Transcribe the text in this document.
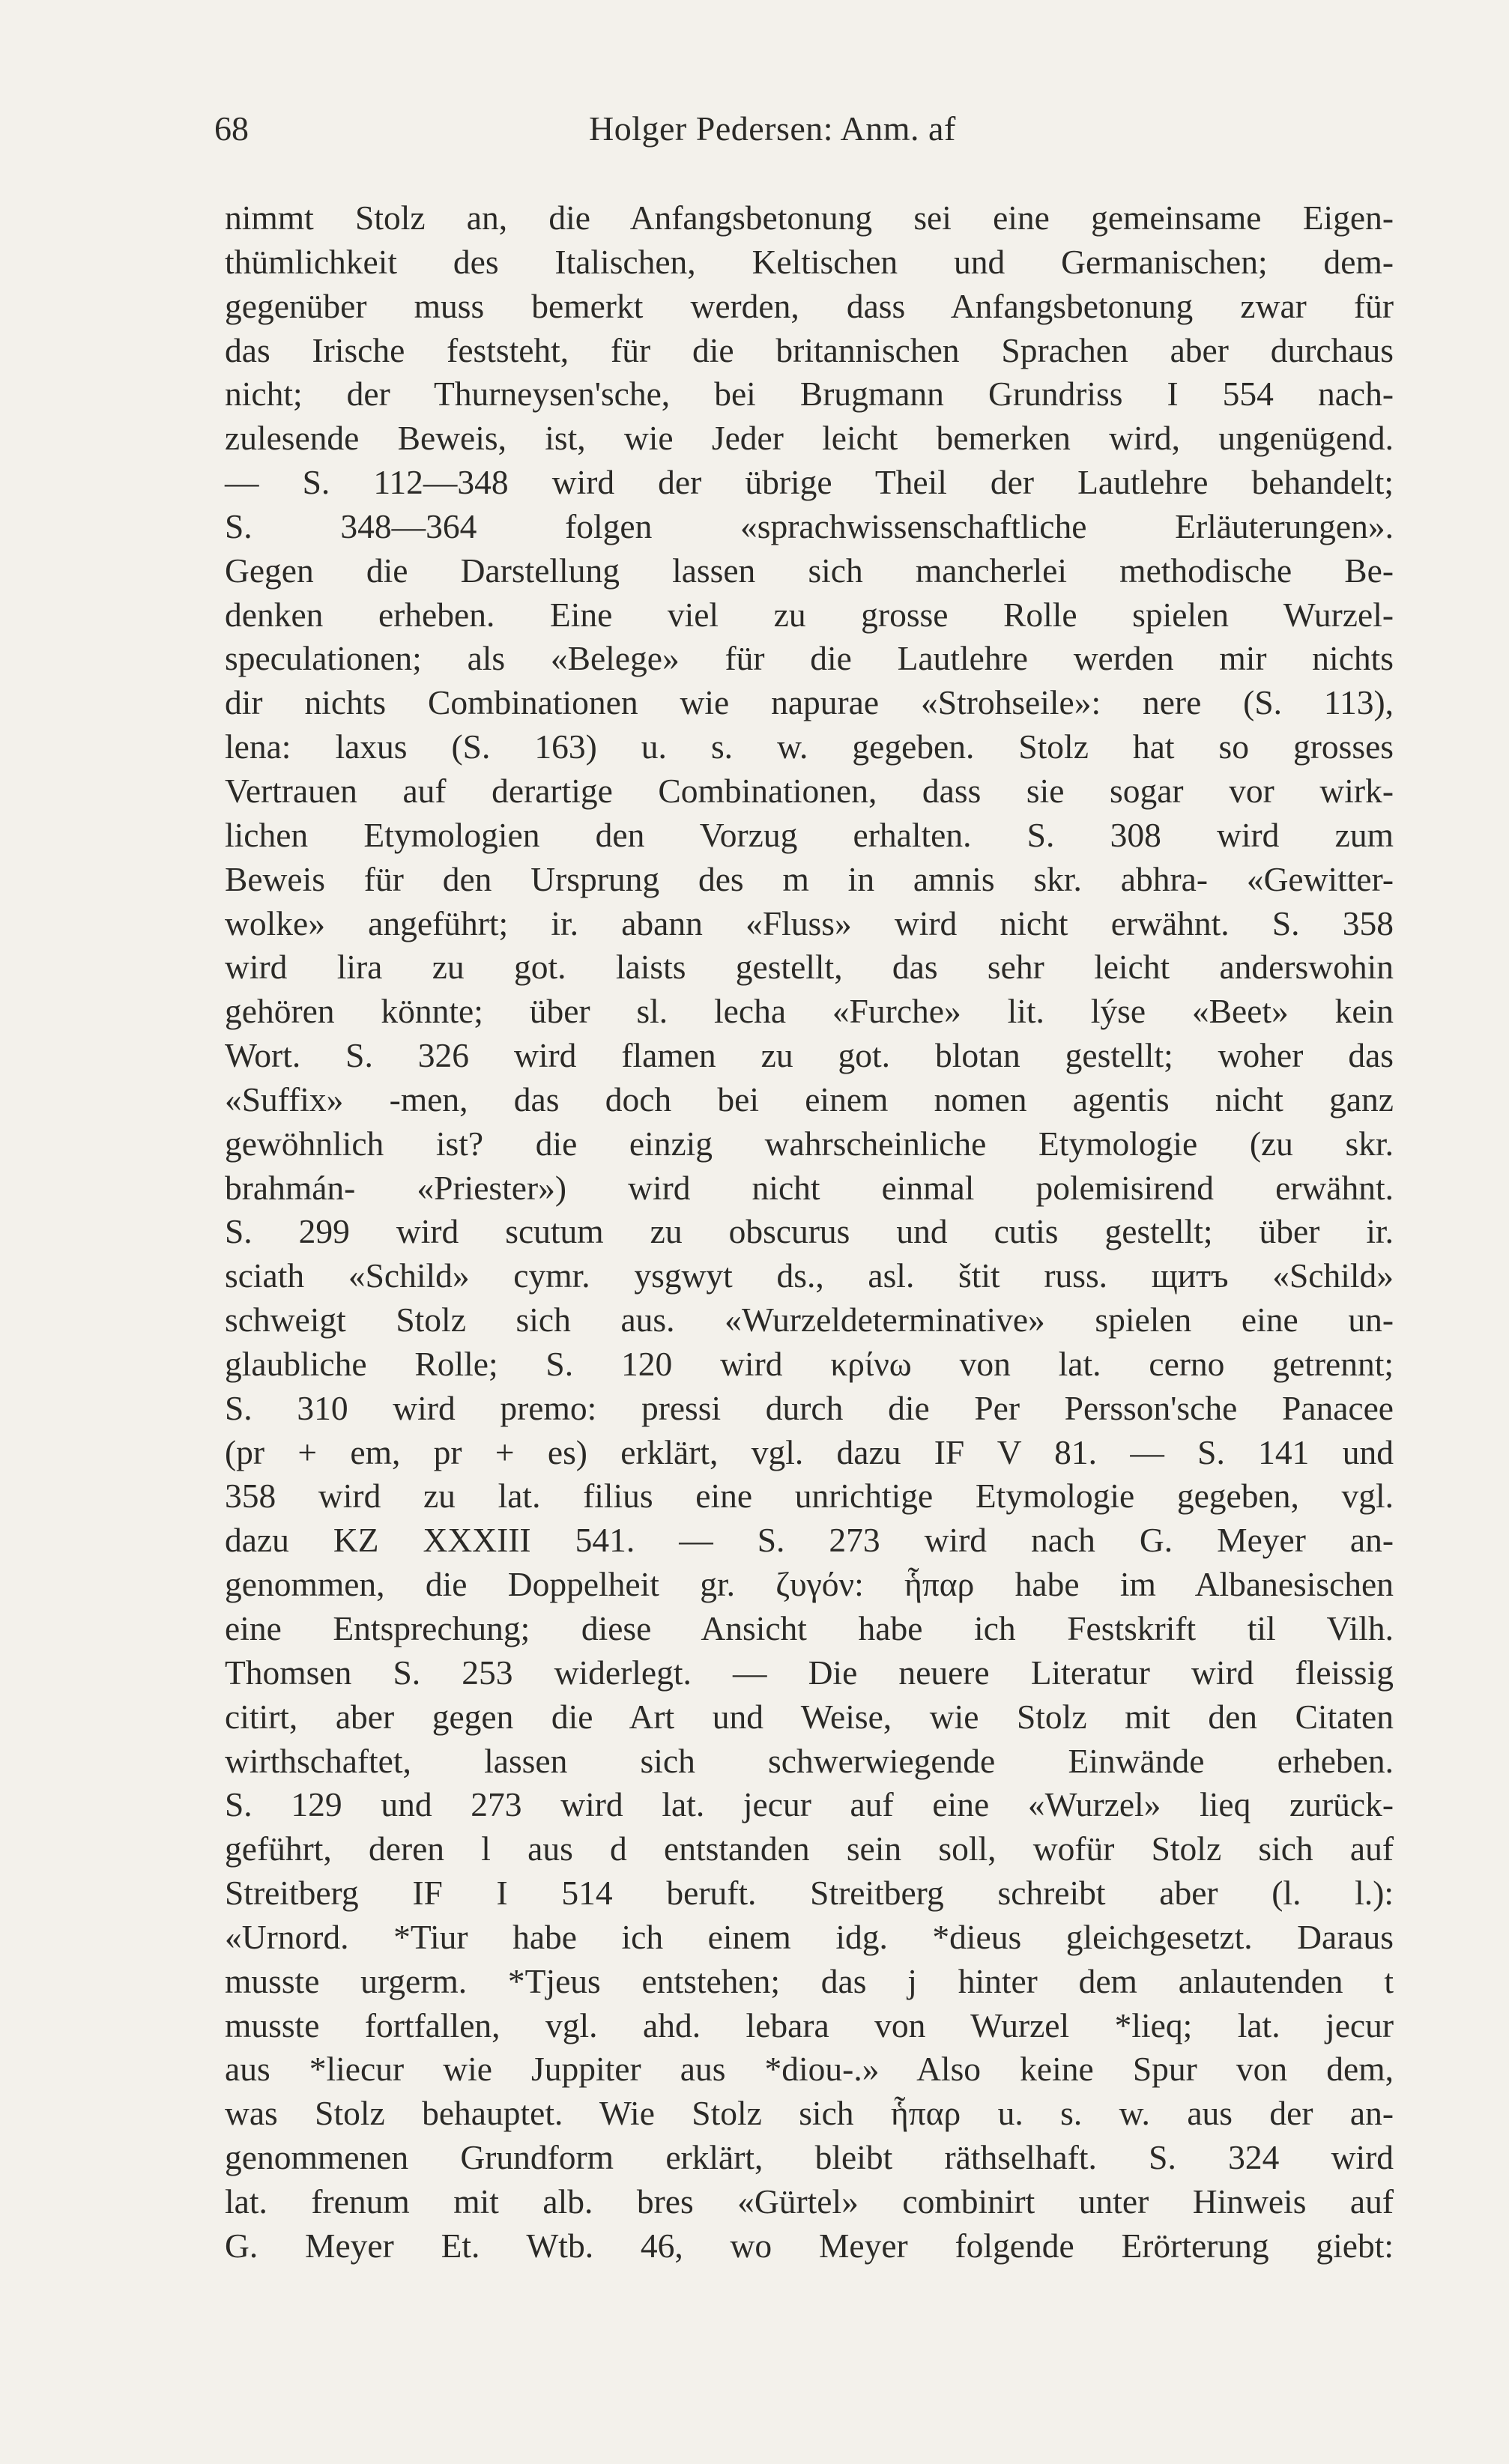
68	Holger Pedersen: Anm. af
nimmt Stolz an, die Anfangsbetonung sei eine gemeinsame Eigen-
thümlichkeit des Italischen, Keltischen und Germanischen; dem-
gegenüber muss bemerkt werden, dass Anfangsbetonung zwar für
das Irische feststeht, für die britannischen Sprachen aber durchaus
nicht; der Thurneysen'sche, bei Brugmann Grundriss I 554 nach-
zulesende Beweis, ist, wie Jeder leicht bemerken wird, ungenügend.
— S. 112—348 wird der übrige Theil der Lautlehre behandelt;
S. 348—364 folgen «sprachwissenschaftliche Erläuterungen».
Gegen die Darstellung lassen sich mancherlei methodische Be-
denken erheben. Eine viel zu grosse Rolle spielen Wurzel-
speculationen; als «Belege» für die Lautlehre werden mir nichts
dir nichts Combinationen wie napurae «Strohseile»: nere (S. 113),
lena: laxus (S. 163) u. s. w. gegeben. Stolz hat so grosses
Vertrauen auf derartige Combinationen, dass sie sogar vor wirk-
lichen Etymologien den Vorzug erhalten. S. 308 wird zum
Beweis für den Ursprung des m in amnis skr. abhra- «Gewitter-
wolke» angeführt; ir. abann «Fluss» wird nicht erwähnt. S. 358
wird lira zu got. laists gestellt, das sehr leicht anderswohin
gehören könnte; über sl. lecha «Furche» lit. lýse «Beet» kein
Wort. S. 326 wird flamen zu got. blotan gestellt; woher das
«Suffix» -men, das doch bei einem nomen agentis nicht ganz
gewöhnlich ist? die einzig wahrscheinliche Etymologie (zu skr.
brahmán- «Priester») wird nicht einmal polemisirend erwähnt.
S. 299 wird scutum zu obscurus und cutis gestellt; über ir.
sciath «Schild» cymr. ysgwyt ds., asl. štit russ. щитъ «Schild»
schweigt Stolz sich aus. «Wurzeldeterminative» spielen eine un-
glaubliche Rolle; S. 120 wird κρίνω von lat. cerno getrennt;
S. 310 wird premo: pressi durch die Per Persson'sche Panacee
(pr + em, pr + es) erklärt, vgl. dazu IF V 81. — S. 141 und
358 wird zu lat. filius eine unrichtige Etymologie gegeben, vgl.
dazu KZ XXXIII 541. — S. 273 wird nach G. Meyer an-
genommen, die Doppelheit gr. ζυγόν: ἧπαρ habe im Albanesischen
eine Entsprechung; diese Ansicht habe ich Festskrift til Vilh.
Thomsen S. 253 widerlegt. — Die neuere Literatur wird fleissig
citirt, aber gegen die Art und Weise, wie Stolz mit den Citaten
wirthschaftet, lassen sich schwerwiegende Einwände erheben.
S. 129 und 273 wird lat. jecur auf eine «Wurzel» lieq zurück-
geführt, deren l aus d entstanden sein soll, wofür Stolz sich auf
Streitberg IF I 514 beruft. Streitberg schreibt aber (l. l.):
«Urnord. *Tiur habe ich einem idg. *dieus gleichgesetzt. Daraus
musste urgerm. *Tjeus entstehen; das j hinter dem anlautenden t
musste fortfallen, vgl. ahd. lebara von Wurzel *lieq; lat. jecur
aus *liecur wie Juppiter aus *diou-.» Also keine Spur von dem,
was Stolz behauptet. Wie Stolz sich ἧπαρ u. s. w. aus der an-
genommenen Grundform erklärt, bleibt räthselhaft. S. 324 wird
lat. frenum mit alb. bres «Gürtel» combinirt unter Hinweis auf
G. Meyer Et. Wtb. 46, wo Meyer folgende Erörterung giebt:
